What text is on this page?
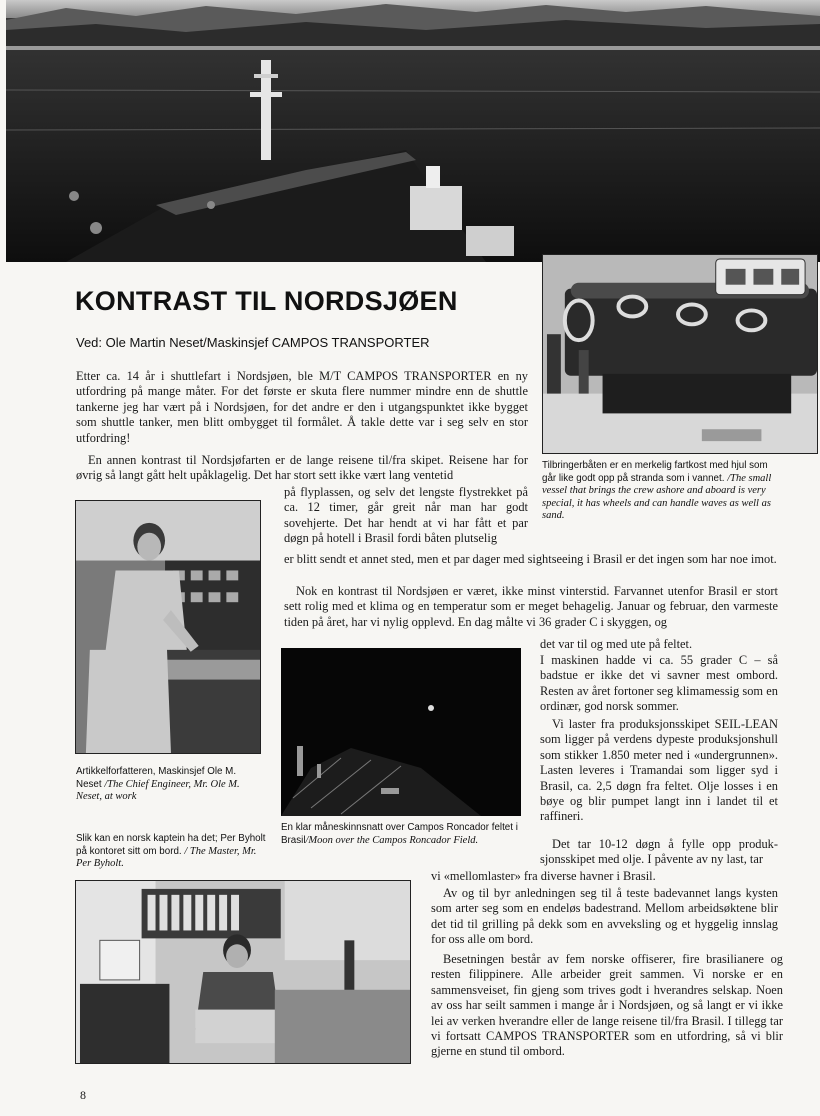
KONTRAST TIL NORDSJØEN

Ved: Ole Martin Neset/Maskinsjef CAMPOS TRANSPORTER

Etter ca. 14 år i shuttlefart i Nordsjøen, ble M/T CAMPOS TRANSPORTER en ny utfordring på mange måter. For det første er skuta flere nummer mindre enn de shuttle tankerne jeg har vært på i Nordsjøen, for det andre er den i utgangspunktet ikke bygget som shuttle tanker, men blitt ombygget til formålet. Å takle dette var i seg selv en stor utfordring!

En annen kontrast til Nordsjøfarten er de lange reisene til/fra skipet. Reisene har for øvrig så langt gått helt upåklagelig. Det har stort sett ikke vært lang ventetid

på flyplassen, og selv det lengste flystrekket på ca. 12 timer, går greit når man har godt sovehjerte. Det har hendt at vi har fått et par døgn på hotell i Brasil fordi båten plutselig

er blitt sendt et annet sted, men et par dager med sightseeing i Brasil er det ingen som har noe imot.

Nok en kontrast til Nordsjøen er været, ikke minst vinterstid. Farvannet utenfor Brasil er stort sett rolig med et klima og en temperatur som er meget behagelig. Januar og februar, den varmeste tiden på året, har vi nylig opplevd. En dag målte vi 36 grader C i skyggen, og

det var til og med ute på feltet.

I maskinen hadde vi ca. 55 grader C – så badstue er ikke det vi savner mest ombord. Resten av året fortoner seg klimamessig som en ordinær, god norsk sommer.

Vi laster fra produksjonsskipet SEIL-LEAN som ligger på verdens dypeste produksjonshull som stikker 1.850 meter ned i «undergrunnen». Lasten leveres i Tramandai som ligger syd i Brasil, ca. 2,5 døgn fra feltet. Olje losses i en bøye og blir pumpet langt inn i landet til et raffineri.

Det tar 10-12 døgn å fylle opp produk-sjonsskipet med olje. I påvente av ny last, tar

vi «mellomlaster» fra diverse havner i Brasil.

Av og til byr anledningen seg til å teste badevannet langs kysten som arter seg som en endeløs badestrand. Mellom arbeidsøktene blir det tid til grilling på dekk som en avveksling og et hyggelig innslag for oss alle om bord.

Besetningen består av fem norske offiserer, fire brasilianere og resten filippinere. Alle arbeider greit sammen. Vi norske er en sammensveiset, fin gjeng som trives godt i hverandres selskap. Noen av oss har seilt sammen i mange år i Nordsjøen, og så langt er vi ikke lei av verken hverandre eller de lange reisene til/fra Brasil. I tillegg tar vi fortsatt CAMPOS TRANSPORTER som en utfordring, så vi blir gjerne en stund til ombord.

Tilbringerbåten er en merkelig fartkost med hjul som går like godt opp på stranda som i vannet. /The small vessel that brings the crew ashore and aboard is very special, it has wheels and can handle waves as well as sand.

Artikkelforfatteren, Maskinsjef Ole M. Neset /The Chief Engineer, Mr. Ole M. Neset, at work

Slik kan en norsk kaptein ha det; Per Byholt på kontoret sitt om bord. / The Master, Mr. Per Byholt.

En klar måneskinnsnatt over Campos Roncador feltet i Brasil/Moon over the Campos Roncador Field.

8
